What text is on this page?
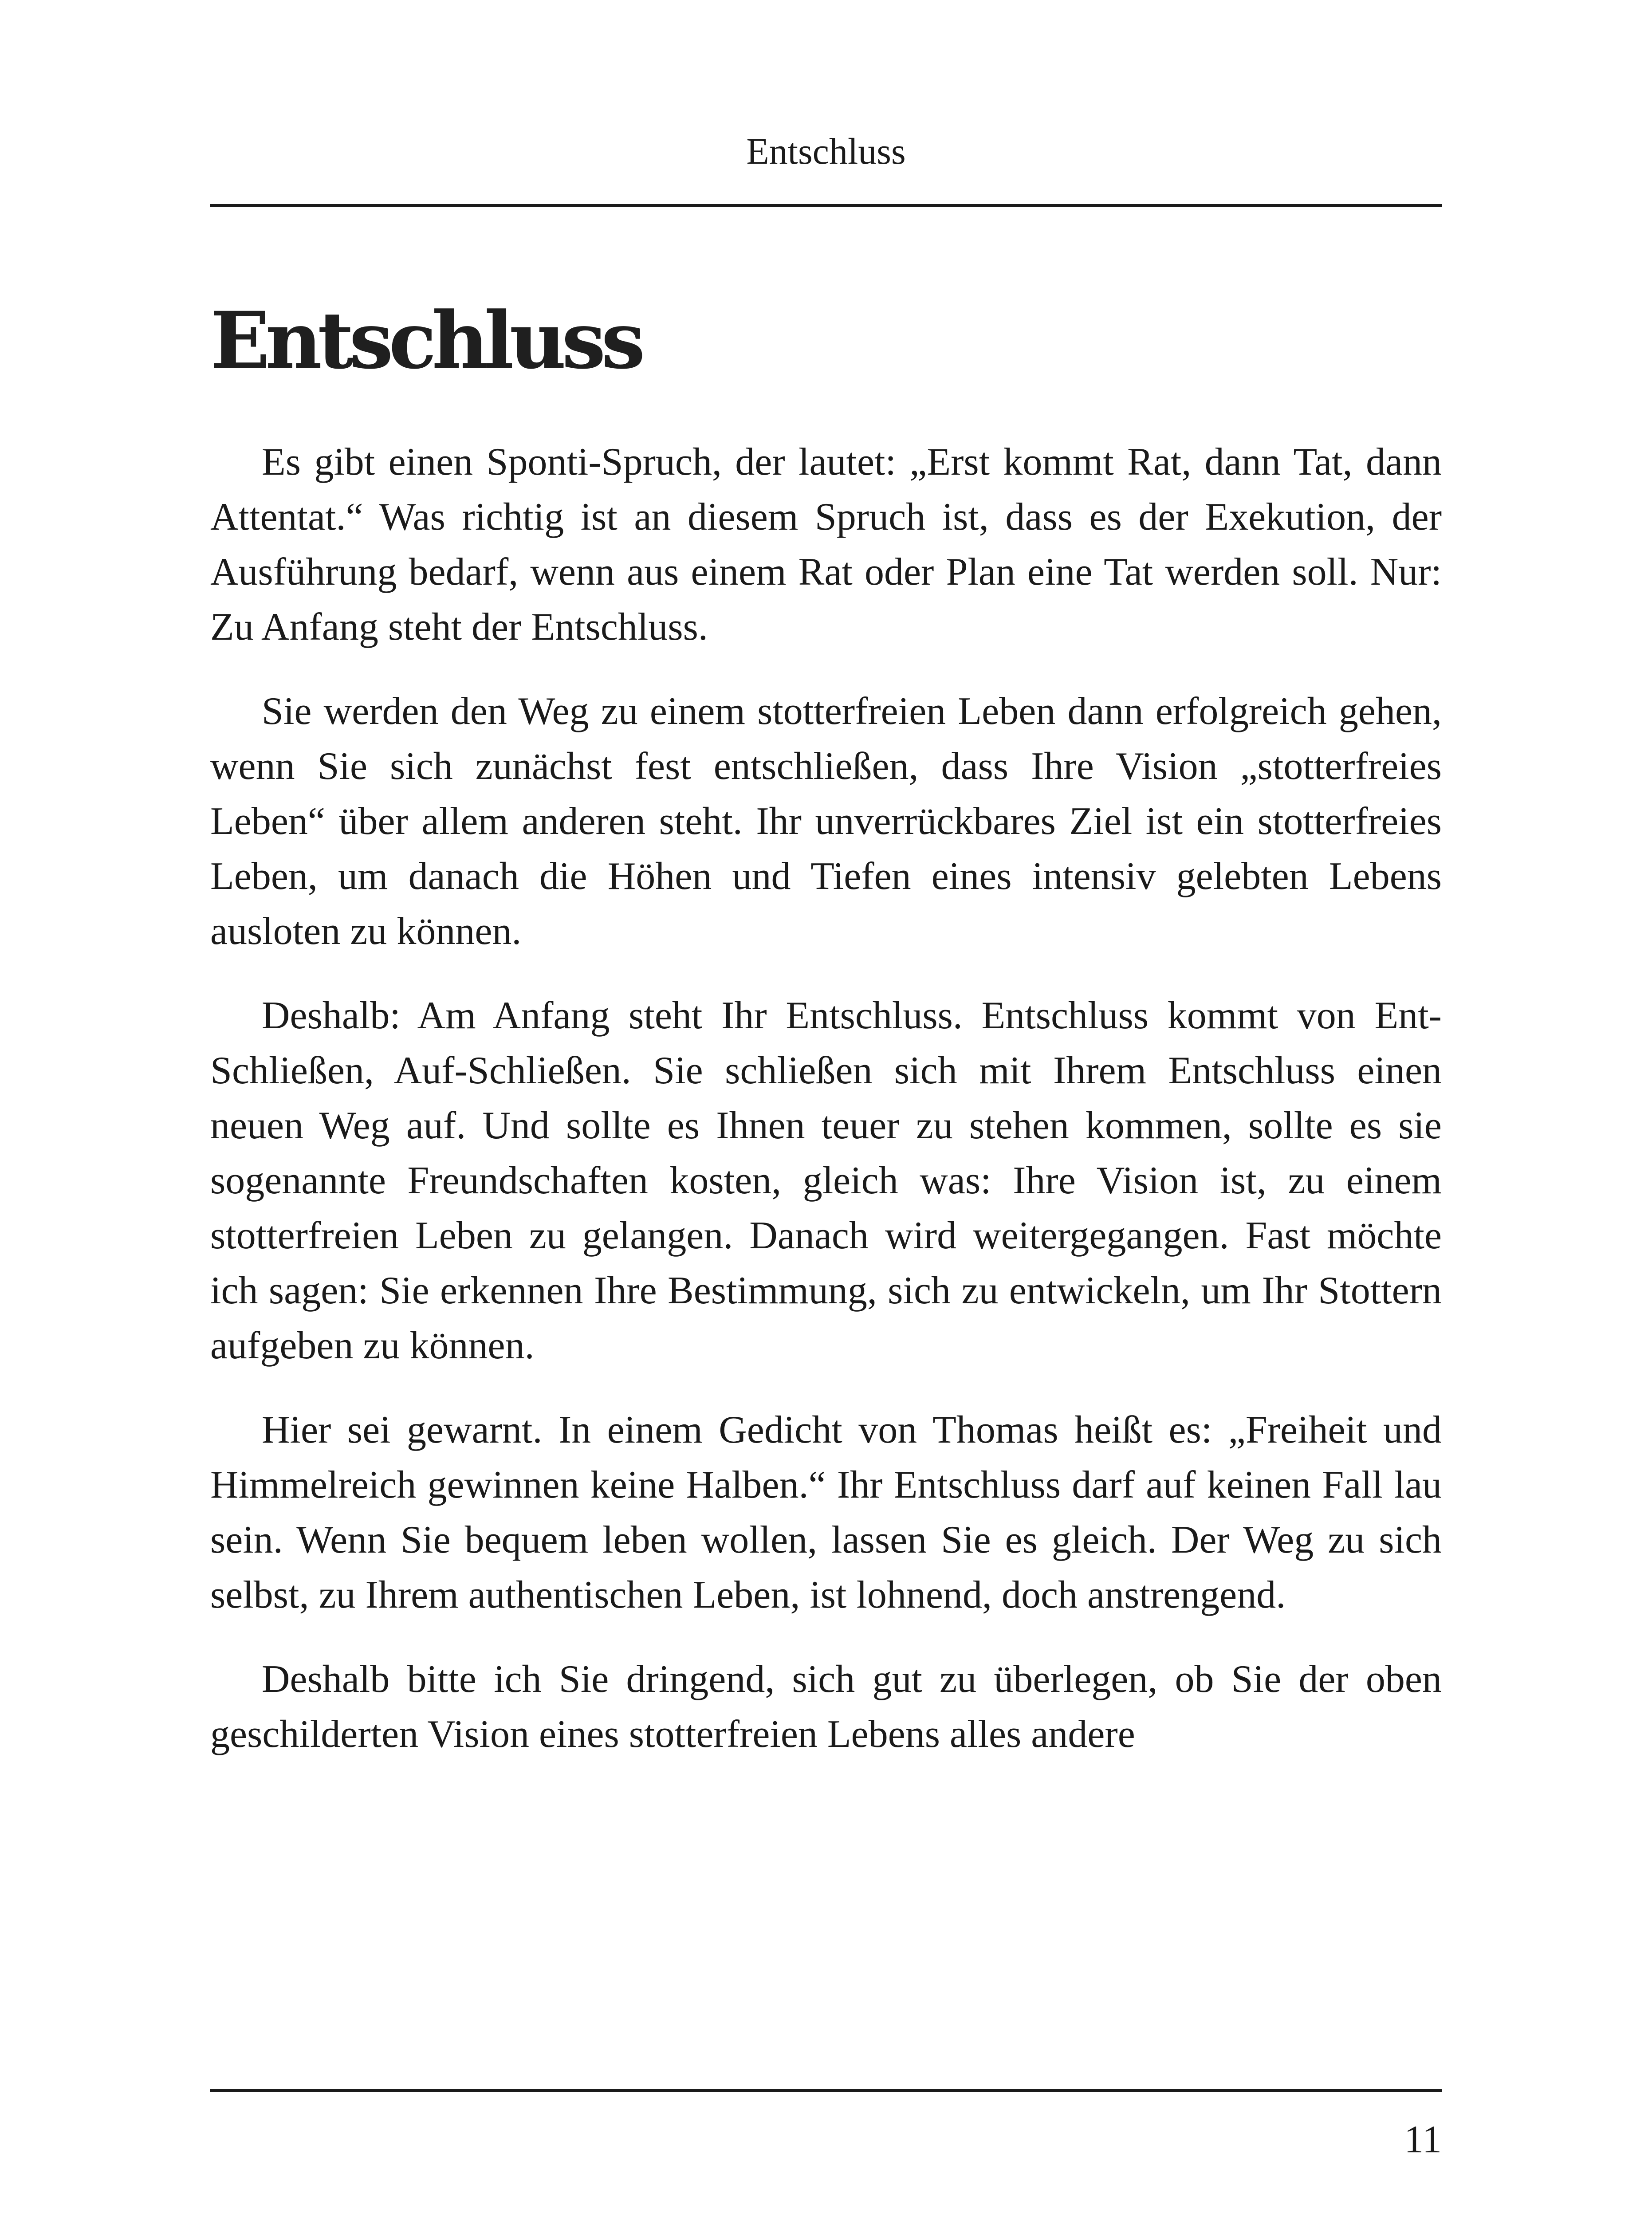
Entschluss
Entschluss

Es gibt einen Sponti-Spruch, der lautet: „Erst kommt Rat, dann Tat, dann Attentat.“ Was richtig ist an diesem Spruch ist, dass es der Exekution, der Ausführung bedarf, wenn aus einem Rat oder Plan eine Tat werden soll. Nur: Zu Anfang steht der Entschluss.

Sie werden den Weg zu einem stotterfreien Leben dann erfolgreich gehen, wenn Sie sich zunächst fest entschließen, dass Ihre Vision „stotterfreies Leben“ über allem anderen steht. Ihr unverrückbares Ziel ist ein stotterfreies Leben, um danach die Höhen und Tiefen eines intensiv gelebten Lebens ausloten zu können.

Deshalb: Am Anfang steht Ihr Entschluss. Entschluss kommt von Ent-Schließen, Auf-Schließen. Sie schließen sich mit Ihrem Entschluss einen neuen Weg auf. Und sollte es Ihnen teuer zu stehen kommen, sollte es sie sogenannte Freundschaften kosten, gleich was: Ihre Vision ist, zu einem stotterfreien Leben zu gelangen. Danach wird weitergegangen. Fast möchte ich sagen: Sie erkennen Ihre Bestimmung, sich zu entwickeln, um Ihr Stottern aufgeben zu können.

Hier sei gewarnt. In einem Gedicht von Thomas heißt es: „Freiheit und Himmelreich gewinnen keine Halben.“ Ihr Entschluss darf auf keinen Fall lau sein. Wenn Sie bequem leben wollen, lassen Sie es gleich. Der Weg zu sich selbst, zu Ihrem authentischen Leben, ist lohnend, doch anstrengend.

Deshalb bitte ich Sie dringend, sich gut zu überlegen, ob Sie der oben geschilderten Vision eines stotterfreien Lebens alles andere

11
